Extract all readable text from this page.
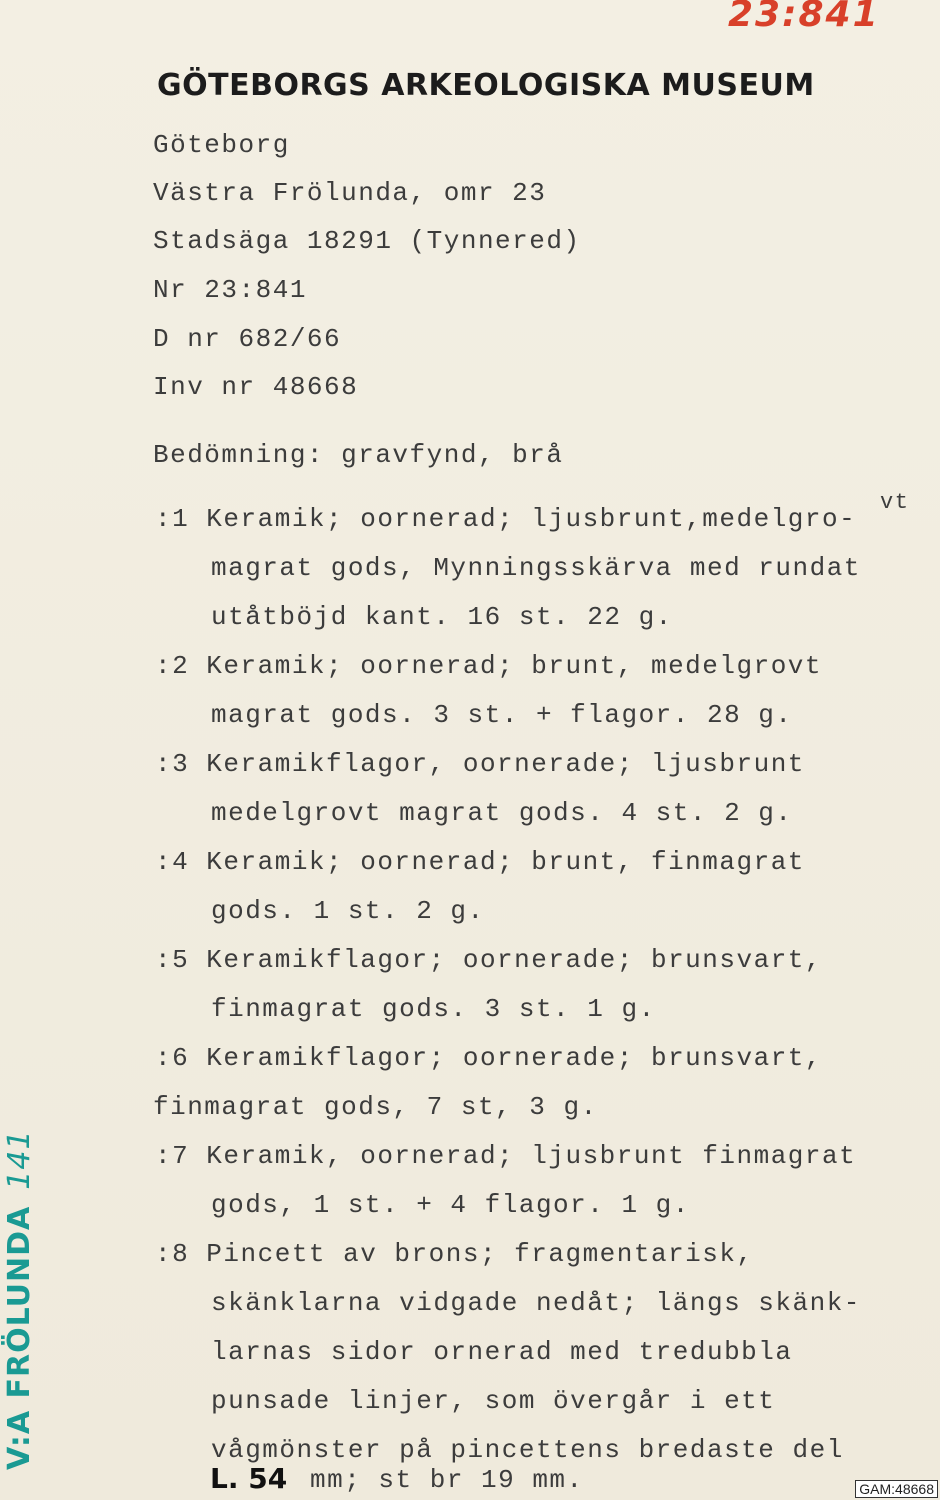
23:841
GÖTEBORGS ARKEOLOGISKA MUSEUM
Göteborg
Västra Frölunda, omr 23
Stadsäga 18291 (Tynnered)
Nr 23:841
D nr 682/66
Inv nr 48668
Bedömning: gravfynd, brå
vt
:1 Keramik; oornerad; ljusbrunt,medelgro-
magrat gods, Mynningsskärva med rundat
utåtböjd kant. 16 st. 22 g.
:2 Keramik; oornerad; brunt, medelgrovt
magrat gods. 3 st. + flagor. 28 g.
:3 Keramikflagor, oornerade; ljusbrunt
medelgrovt magrat gods. 4 st. 2 g.
:4 Keramik; oornerad; brunt, finmagrat
gods. 1 st. 2 g.
:5 Keramikflagor; oornerade; brunsvart,
finmagrat gods. 3 st. 1 g.
:6 Keramikflagor; oornerade; brunsvart,
finmagrat gods, 7 st, 3 g.
:7 Keramik, oornerad; ljusbrunt finmagrat
gods, 1 st. + 4 flagor. 1 g.
:8 Pincett av brons; fragmentarisk,
skänklarna vidgade nedåt; längs skänk-
larnas sidor ornerad med tredubbla
punsade linjer, som övergår i ett
vågmönster på pincettens bredaste del
L. 54 mm; st br 19 mm.
V:A FRÖLUNDA141
GAM:48668
